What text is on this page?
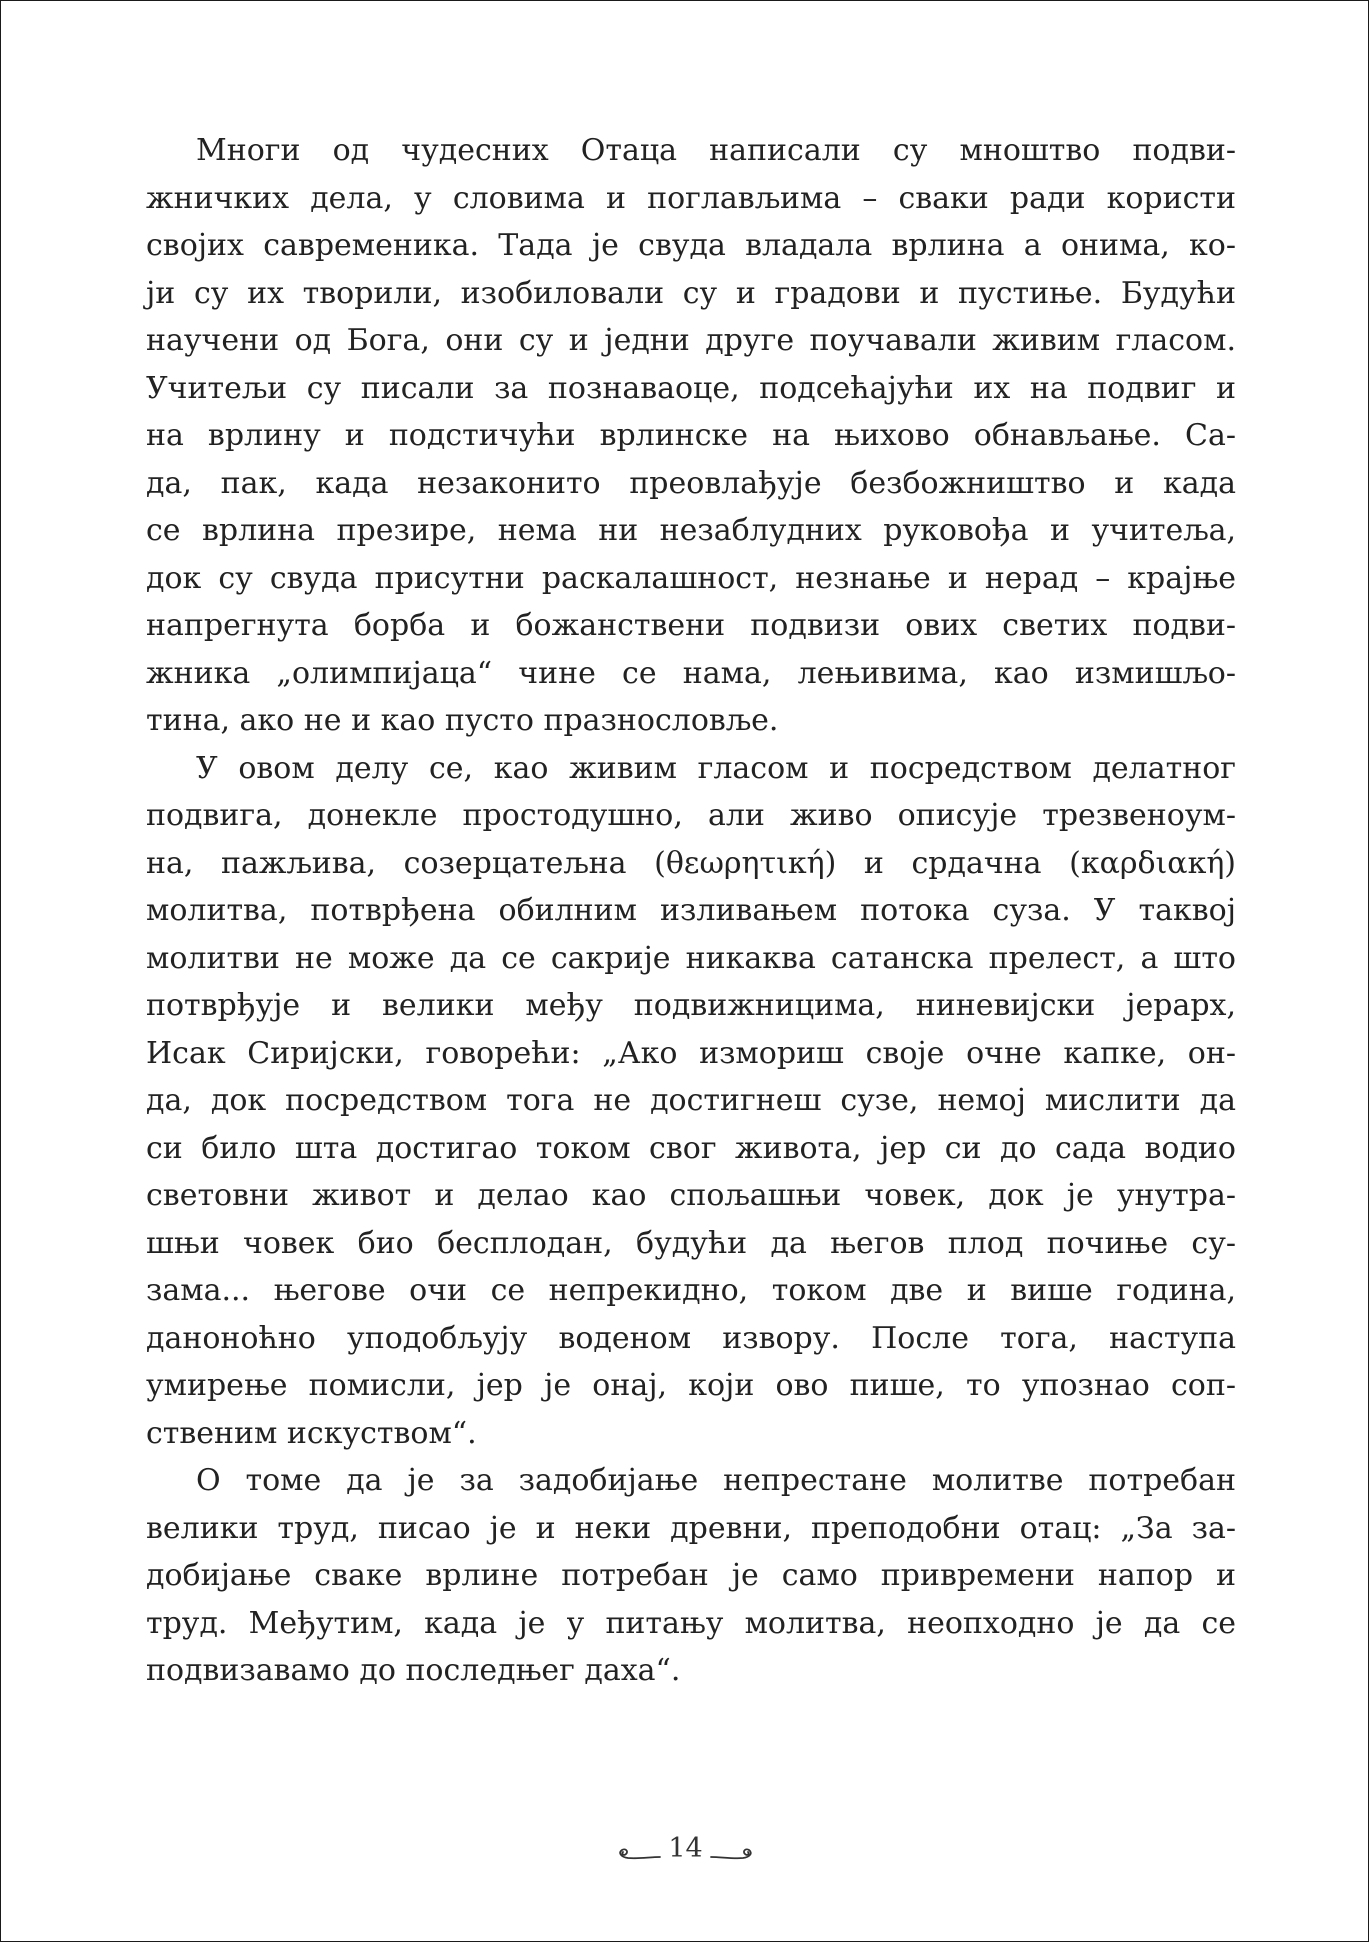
Многи од чудесних Отаца написали су мноштво подви-
жничких дела, у словима и поглављима – сваки ради користи
својих савременика. Тада је свуда владала врлина а онима, ко-
ји су их творили, изобиловали су и градови и пустиње. Будући
научени од Бога, они су и једни друге поучавали живим гласом.
Учитељи су писали за познаваоце, подсећајући их на подвиг и
на врлину и подстичући врлинске на њихово обнављање. Са-
да, пак, када незаконито преовлађује безбожништво и када
се врлина презире, нема ни незаблудних руковођа и учитеља,
док су свуда присутни раскалашност, незнање и нерад – крајње
напрегнута борба и божанствени подвизи ових светих подви-
жника „олимпијаца“ чине се нама, лењивима, као измишљо-
тина, ако не и као пусто празнословље.

У овом делу се, као живим гласом и посредством делатног
подвига, донекле простодушно, али живо описује трезвеноум-
на, пажљива, созерцатељна (θεωρητική) и срдачна (καρδιακή)
молитва, потврђена обилним изливањем потока суза. У таквој
молитви не може да се сакрије никаква сатанска прелест, а што
потврђује и велики међу подвижницима, ниневијски јерарх,
Исак Сиријски, говорећи: „Ако измориш своје очне капке, он-
да, док посредством тога не достигнеш сузе, немој мислити да
си било шта достигао током свог живота, јер си до сада водио
световни живот и делао као спољашњи човек, док је унутра-
шњи човек био бесплодан, будући да његов плод почиње су-
зама... његове очи се непрекидно, током две и више година,
даноноћно уподобљују воденом извору. После тога, наступа
умирење помисли, јер је онај, који ово пише, то упознао соп-
ственим искуством“.

О томе да је за задобијање непрестане молитве потребан
велики труд, писао је и неки древни, преподобни отац: „За за-
добијање сваке врлине потребан је само привремени напор и
труд. Међутим, када је у питању молитва, неопходно је да се
подвизавамо до последњег даха“.

14
